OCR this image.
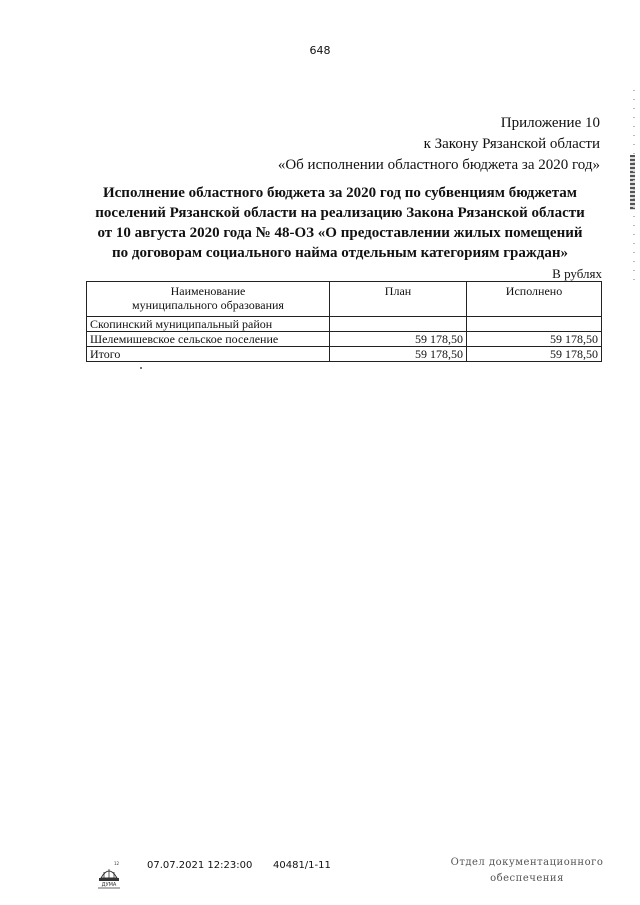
648
Приложение 10
к Закону Рязанской области
«Об исполнении областного бюджета за 2020 год»
Исполнение областного бюджета за 2020 год по субвенциям бюджетам
поселений Рязанской области на реализацию Закона Рязанской области
от 10 августа 2020 года № 48-ОЗ «О предоставлении жилых помещений
по договорам социального найма отдельным категориям граждан»
В рублях
Наименование
муниципального образования	План	Исполнено
Скопинский муниципальный район		
Шелемишевское сельское поселение	59 178,50	59 178,50
Итого	59 178,50	59 178,50
12
ДУМА
07.07.2021 12:23:00 40481/1-11	Отдел документационного
обеспечения
